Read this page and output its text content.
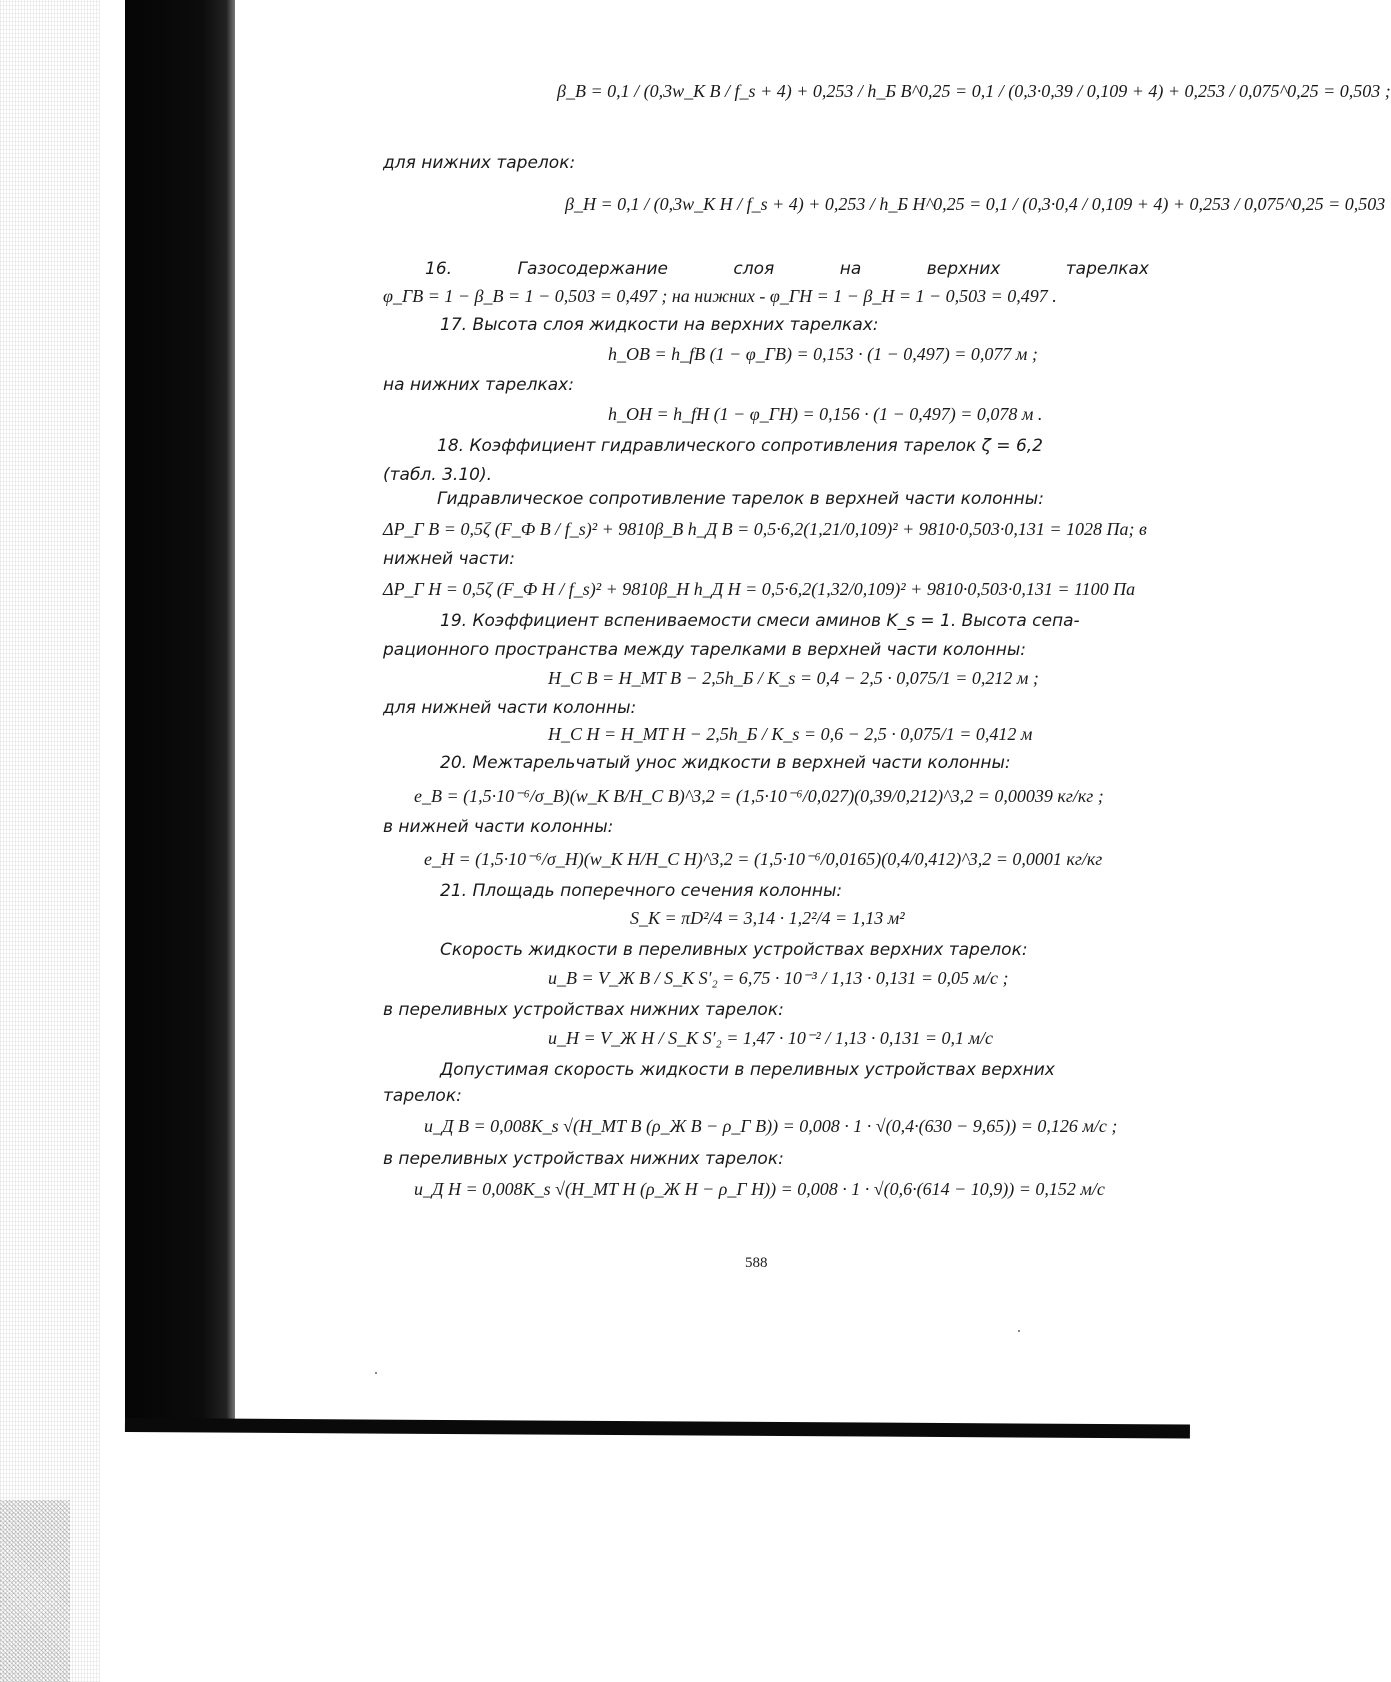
β_В = 0,1 / (0,3w_К В / f_s + 4) + 0,253 / h_Б В^0,25 = 0,1 / (0,3·0,39 / 0,109 + 4) + 0,253 / 0,075^0,25 = 0,503 ;
для нижних тарелок:
β_Н = 0,1 / (0,3w_К Н / f_s + 4) + 0,253 / h_Б Н^0,25 = 0,1 / (0,3·0,4 / 0,109 + 4) + 0,253 / 0,075^0,25 = 0,503
16.	Газосодержание	слоя	на	верхних	тарелках
φ_ГВ = 1 − β_В = 1 − 0,503 = 0,497 ; на нижних - φ_ГН = 1 − β_Н = 1 − 0,503 = 0,497 .
17. Высота слоя жидкости на верхних тарелках:
h_ОВ = h_fВ (1 − φ_ГВ) = 0,153 · (1 − 0,497) = 0,077 м ;
на нижних тарелках:
h_ОН = h_fН (1 − φ_ГН) = 0,156 · (1 − 0,497) = 0,078 м .
18. Коэффициент гидравлического сопротивления тарелок ζ = 6,2
(табл. 3.10).
Гидравлическое сопротивление тарелок в верхней части колонны:
ΔP_Г В = 0,5ζ (F_Ф В / f_s)² + 9810β_В h_Д В = 0,5·6,2(1,21/0,109)² + 9810·0,503·0,131 = 1028 Па; в
нижней части:
ΔP_Г Н = 0,5ζ (F_Ф Н / f_s)² + 9810β_Н h_Д Н = 0,5·6,2(1,32/0,109)² + 9810·0,503·0,131 = 1100 Па
19. Коэффициент вспениваемости смеси аминов K_s = 1. Высота сепа-
рационного пространства между тарелками в верхней части колонны:
H_С В = H_МТ В − 2,5h_Б / K_s = 0,4 − 2,5 · 0,075/1 = 0,212 м ;
для нижней части колонны:
H_С Н = H_МТ Н − 2,5h_Б / K_s = 0,6 − 2,5 · 0,075/1 = 0,412 м
20. Межтарельчатый унос жидкости в верхней части колонны:
e_В = (1,5·10⁻⁶/σ_В)(w_К В/H_С В)^3,2 = (1,5·10⁻⁶/0,027)(0,39/0,212)^3,2 = 0,00039 кг/кг ;
в нижней части колонны:
e_Н = (1,5·10⁻⁶/σ_Н)(w_К Н/H_С Н)^3,2 = (1,5·10⁻⁶/0,0165)(0,4/0,412)^3,2 = 0,0001 кг/кг
21. Площадь поперечного сечения колонны:
S_К = πD²/4 = 3,14 · 1,2²/4 = 1,13 м²
Скорость жидкости в переливных устройствах верхних тарелок:
u_В = V_Ж В / S_К S′₂ = 6,75 · 10⁻³ / 1,13 · 0,131 = 0,05 м/с ;
в переливных устройствах нижних тарелок:
u_Н = V_Ж Н / S_К S′₂ = 1,47 · 10⁻² / 1,13 · 0,131 = 0,1 м/с
Допустимая скорость жидкости в переливных устройствах верхних
тарелок:
u_Д В = 0,008K_s √(H_МТ В (ρ_Ж В − ρ_Г В)) = 0,008 · 1 · √(0,4·(630 − 9,65)) = 0,126 м/с ;
в переливных устройствах нижних тарелок:
u_Д Н = 0,008K_s √(H_МТ Н (ρ_Ж Н − ρ_Г Н)) = 0,008 · 1 · √(0,6·(614 − 10,9)) = 0,152 м/с
588
